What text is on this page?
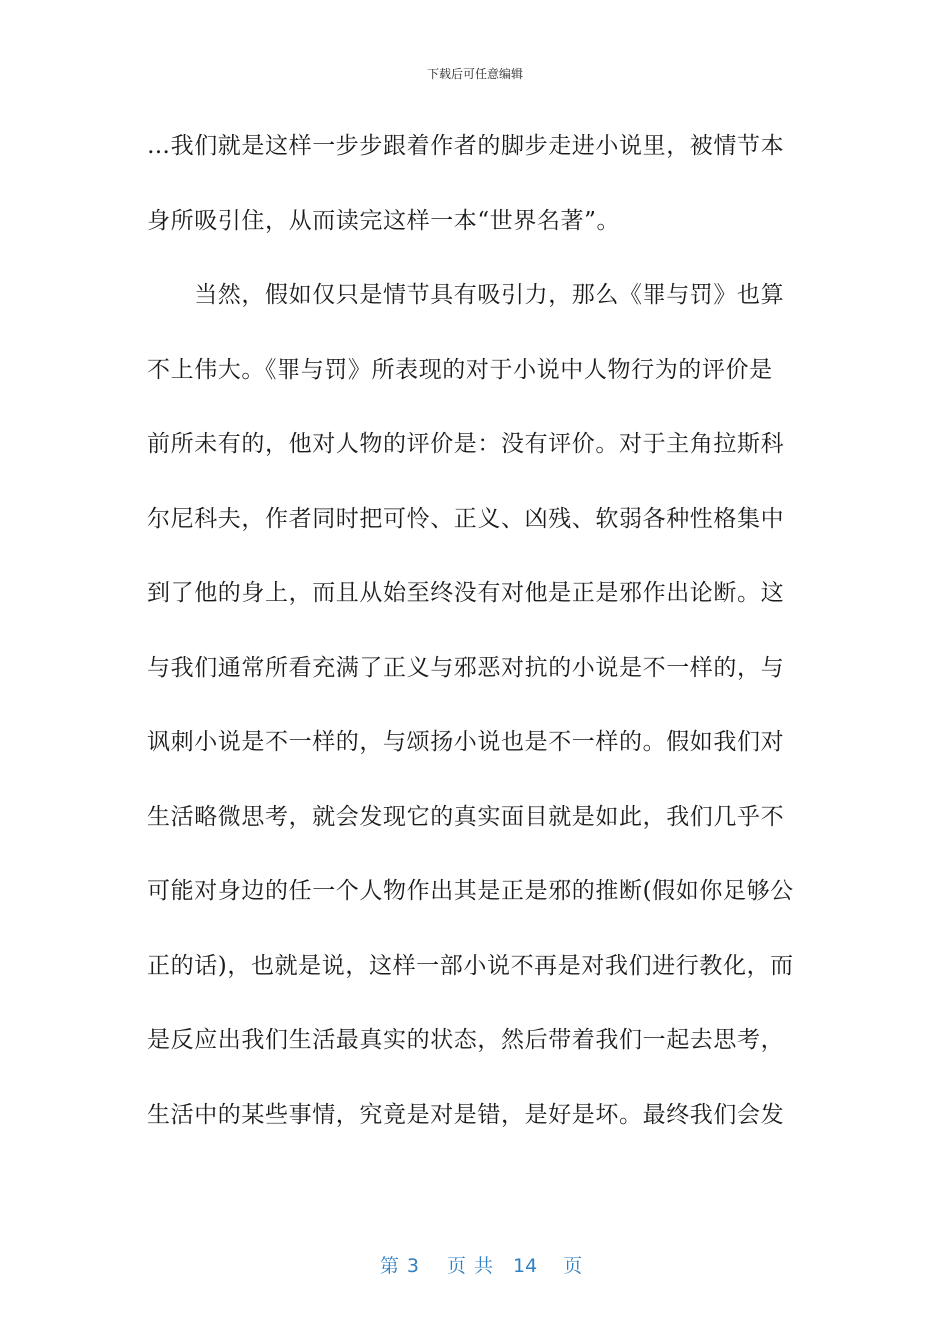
下载后可任意编辑
…我们就是这样一步步跟着作者的脚步走进小说里，被情节本
身所吸引住，从而读完这样一本“世界名著”。
　　当然，假如仅只是情节具有吸引力，那么《罪与罚》也算
不上伟大。《罪与罚》所表现的对于小说中人物行为的评价是
前所未有的，他对人物的评价是：没有评价。对于主角拉斯科
尔尼科夫，作者同时把可怜、正义、凶残、软弱各种性格集中
到了他的身上，而且从始至终没有对他是正是邪作出论断。这
与我们通常所看充满了正义与邪恶对抗的小说是不一样的，与
讽刺小说是不一样的，与颂扬小说也是不一样的。假如我们对
生活略微思考，就会发现它的真实面目就是如此，我们几乎不
可能对身边的任一个人物作出其是正是邪的推断(假如你足够公
正的话)，也就是说，这样一部小说不再是对我们进行教化，而
是反应出我们生活最真实的状态，然后带着我们一起去思考，
生活中的某些事情，究竟是对是错，是好是坏。最终我们会发

第 3 页 共 14 页
